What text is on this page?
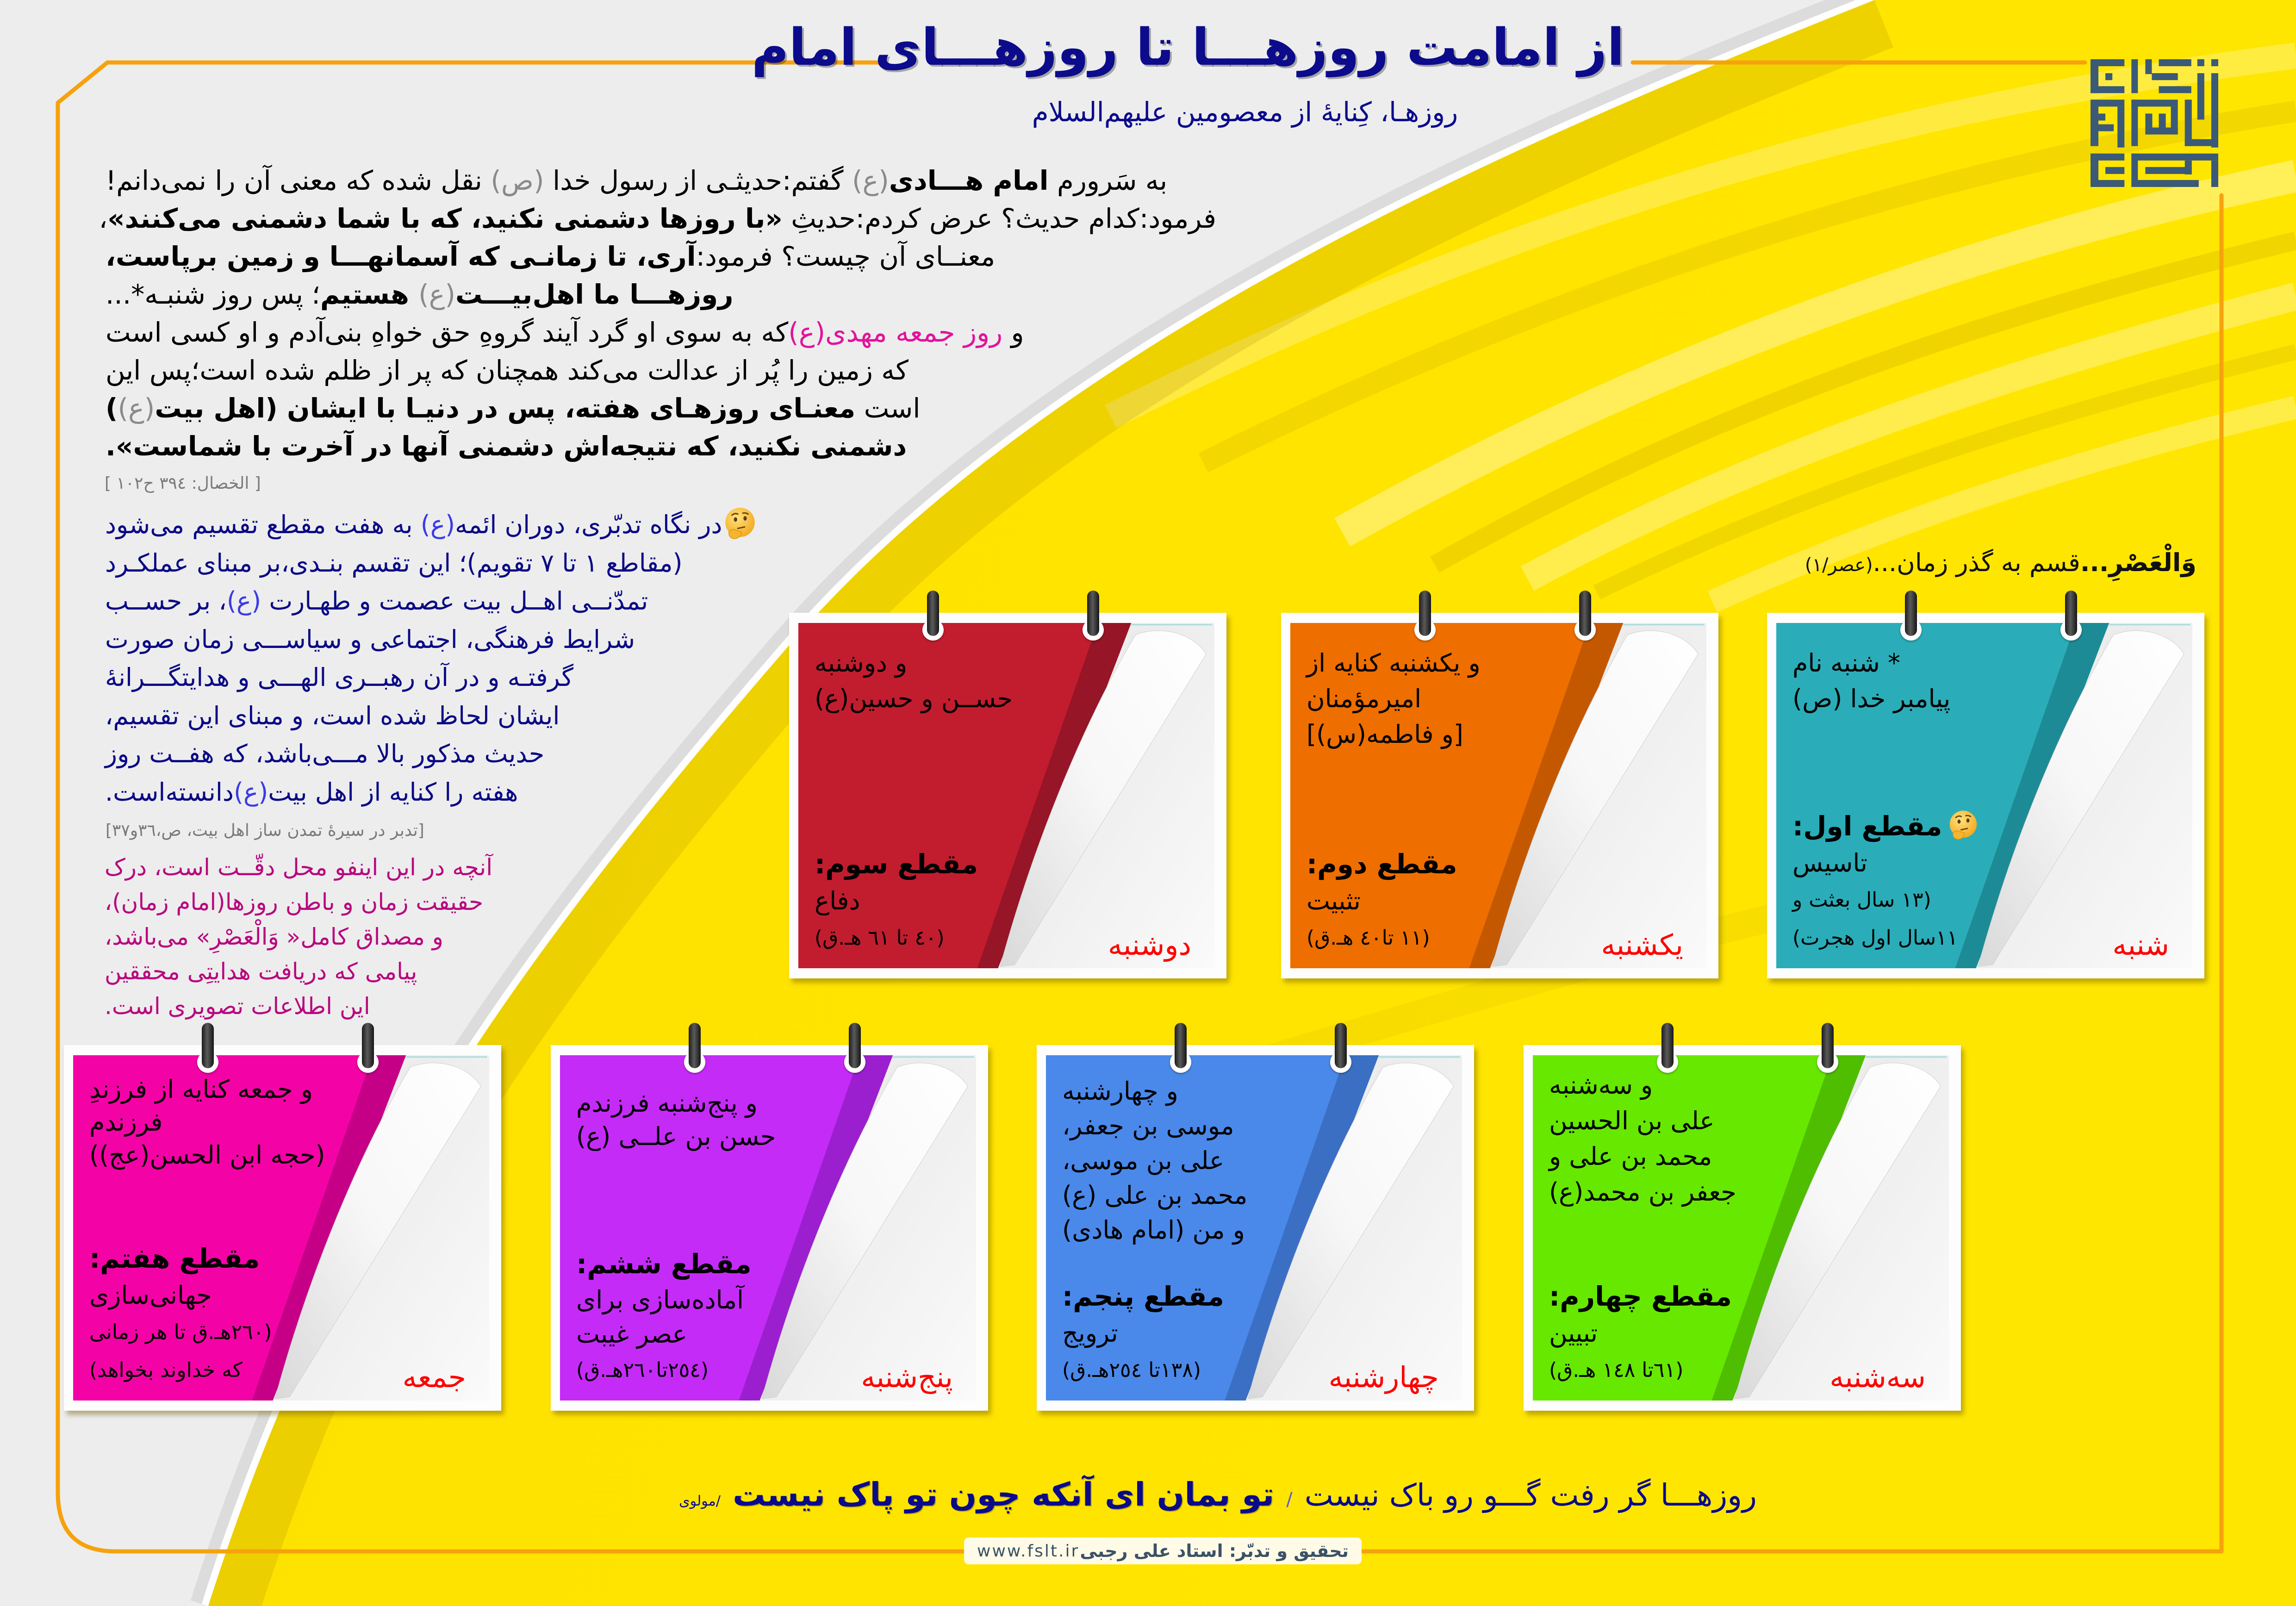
از امامت روزهـــا تا روزهـــای امام
روزهـا، کِنایهٔ از معصومین علیهم‌السلام
به سَرورم امام هـــادی(ع) گفتم:حدیثـی از رسول خدا (ص) نقل شده که معنی آن را نمی‌دانم!
فرمود:کدام حدیث؟ عرض کردم:حدیثِ «با روزها دشمنی نکنید، که با شما دشمنی می‌کنند»،
معنــای آن چیست؟ فرمود:آری، تا زمانـی که آسمانهـــا و زمین برپاست،
روزهـــا ما اهل‌بیـــت(ع) هستیم؛ پس روز شنبـه*...
و روز جمعه مهدی(ع)که به سوی او گرد آیند گروهِ حق خواهِ بنی‌آدم و او کسی است
که زمین را پُر از عدالت می‌کند همچنان که پر از ظلم شده است؛پس این
است معنـای روزهـای هفته، پس در دنیـا با ایشان (اهل بیت(ع))
دشمنی نکنید، که نتیجه‌اش دشمنی آنها در آخرت با شماست».
[ الخصال: ٣٩٤ ح١٠٢ ]
در نگاه تدبّری، دوران ائمه(ع) به هفت مقطع تقسیم می‌شود
(مقاطع ١ تا ٧ تقویم)؛ این تقسم بنـدی،بر مبنای عملکـرد
تمدّنــی اهــل بیت عصمت و طهـارت (ع)، بر حســب
شرایط فرهنگی، اجتماعی و سیاســـی زمان صورت
گرفتـه و در آن رهبــری الهـــی و هدایتگـــرانهٔ
ایشان لحاظ شده است، و مبنای این تقسیم،
حدیث مذکور بالا مـــی‌باشد، که هفــت روز
هفته را کنایه از اهل بیت(ع)دانسته‌است.
[تدبر در سیرهٔ تمدن ساز اهل بیت، ص،٣٦و٣٧]
آنچه در این اینفو محل دقّــت است، درک
حقیقت زمان و باطن روزها(امام زمان)،
و مصداق کامل« وَالْعَصْرِ» می‌باشد،
پیامی که دریافت هدایتِی محققین
این اطلاعات تصویری است.
وَالْعَصْرِ...قسم به گذر زمان...(عصر/١)
* شنبه نام
پیامبر خدا (ص)
مقطع اول:
تاسیس
(١٣ سال بعثت و
١١سال اول هجرت)	شنبه
و یکشنبه کنایه از
امیرمؤمنان
[و فاطمه(س)]
مقطع دوم:
تثبیت
(١١ تا٤٠ هـ.ق)	یکشنبه
و دوشنبه
حســن و حسین(ع)
مقطع سوم:
دفاع
(٤٠ تا ٦١ هـ.ق)	دوشنبه
و سه‌شنبه
علی بن الحسین
محمد بن علی و
جعفر بن محمد(ع)
مقطع چهارم:
تبیین
(٦١تا ١٤٨ هـ.ق)	سه‌شنبه
و چهارشنبه
موسی بن جعفر،
علی بن موسی،
محمد بن علی (ع)
و من (امام هادی)
مقطع پنجم:
ترویج
(١٣٨تا ٢٥٤هـ.ق)	چهارشنبه
و پنج‌شنبه فرزندم
حسن بن علــی (ع)
مقطع ششم:
آماده‌سازی برای
عصر غیبت
(٢٥٤تا٢٦٠هـ.ق)	پنج‌شنبه
و جمعه کنایه از فرزندِ
فرزندم
(حجه ابن الحسن(عج))
مقطع هفتم:
جهانی‌سازی
(٢٦٠هـ.ق تا هر زمانی
که خداوند بخواهد)	جمعه
روزهـــا گر رفت گـــو رو باک نیست
/
تو بمان ای آنکه چون تو پاک نیست
/مولوی
تحقیق و تدبّر: استاد علی رجبی
www.fslt.ir
